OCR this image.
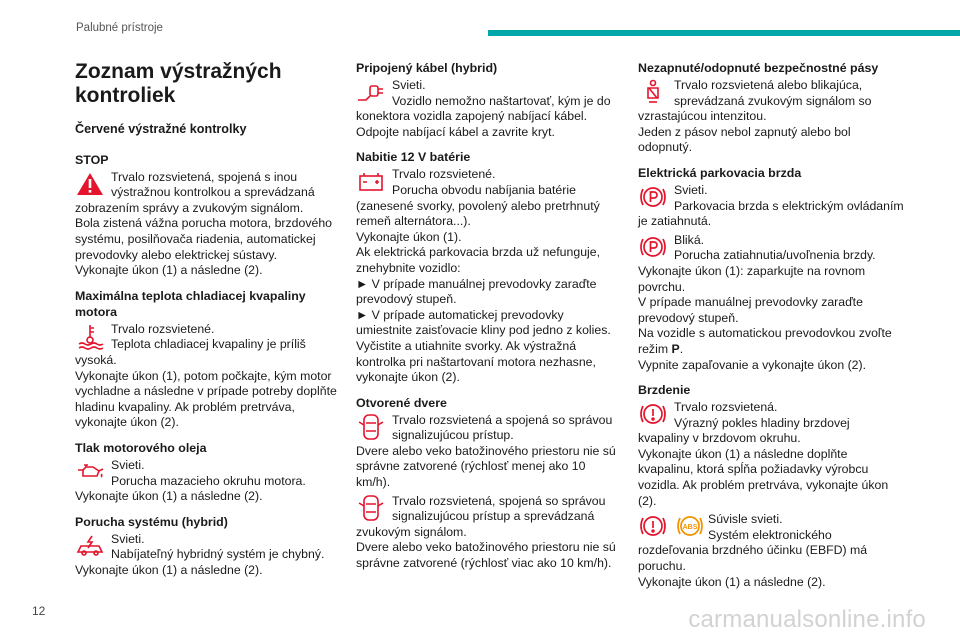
Palubné prístroje
Zoznam výstražných kontroliek
Červené výstražné kontrolky
STOP

Trvalo rozsvietená, spojená s inou

výstražnou kontrolkou a sprevádzaná

zobrazením správy a zvukovým signálom.
Bola zistená vážna porucha motora, brzdového systému, posilňovača riadenia, automatickej prevodovky alebo elektrickej sústavy.
Vykonajte úkon (1) a následne (2).

Maximálna teplota chladiacej kvapaliny motora

Trvalo rozsvietené.

Teplota chladiacej kvapaliny je príliš

vysoká.
Vykonajte úkon (1), potom počkajte, kým motor vychladne a následne v prípade potreby doplňte hladinu kvapaliny. Ak problém pretrváva, vykonajte úkon (2).

Tlak motorového oleja

Svieti.

Porucha mazacieho okruhu motora.

Vykonajte úkon (1) a následne (2).

Porucha systému (hybrid)

Svieti.

Nabíjateľný hybridný systém je chybný.

Vykonajte úkon (1) a následne (2).

Pripojený kábel (hybrid)

Svieti.

Vozidlo nemožno naštartovať, kým je do

konektora vozidla zapojený nabíjací kábel.
Odpojte nabíjací kábel a zavrite kryt.

Nabitie 12 V batérie

Trvalo rozsvietené.

Porucha obvodu nabíjania batérie

(zanesené svorky, povolený alebo pretrhnutý remeň alternátora...).
Vykonajte úkon (1).
Ak elektrická parkovacia brzda už nefunguje, znehybnite vozidlo:
► V prípade manuálnej prevodovky zaraďte prevodový stupeň.
► V prípade automatickej prevodovky umiestnite zaisťovacie kliny pod jedno z kolies.
Vyčistite a utiahnite svorky. Ak výstražná kontrolka pri naštartovaní motora nezhasne, vykonajte úkon (2).

Otvorené dvere

Trvalo rozsvietená a spojená so správou

signalizujúcou prístup.

Dvere alebo veko batožinového priestoru nie sú správne zatvorené (rýchlosť menej ako 10 km/h).

Trvalo rozsvietená, spojená so správou

signalizujúcou prístup a sprevádzaná

zvukovým signálom.
Dvere alebo veko batožinového priestoru nie sú správne zatvorené (rýchlosť viac ako 10 km/h).

Nezapnuté/odopnuté bezpečnostné pásy

Trvalo rozsvietená alebo blikajúca,

sprevádzaná zvukovým signálom so

vzrastajúcou intenzitou.
Jeden z pásov nebol zapnutý alebo bol odopnutý.

Elektrická parkovacia brzda

Svieti.

Parkovacia brzda s elektrickým ovládaním

je zatiahnutá.

Bliká.

Porucha zatiahnutia/uvoľnenia brzdy.

Vykonajte úkon (1): zaparkujte na rovnom povrchu.
V prípade manuálnej prevodovky zaraďte prevodový stupeň.
Na vozidle s automatickou prevodovkou zvoľte režim P.
Vypnite zapaľovanie a vykonajte úkon (2).

Brzdenie

Trvalo rozsvietená.

Výrazný pokles hladiny brzdovej

kvapaliny v brzdovom okruhu.
Vykonajte úkon (1) a následne doplňte kvapalinu, ktorá spĺňa požiadavky výrobcu vozidla. Ak problém pretrváva, vykonajte úkon (2).

ABS

Súvisle svieti.

Systém elektronického

rozdeľovania brzdného účinku (EBFD) má poruchu.
Vykonajte úkon (1) a následne (2).

12	carmanualsonline.info
